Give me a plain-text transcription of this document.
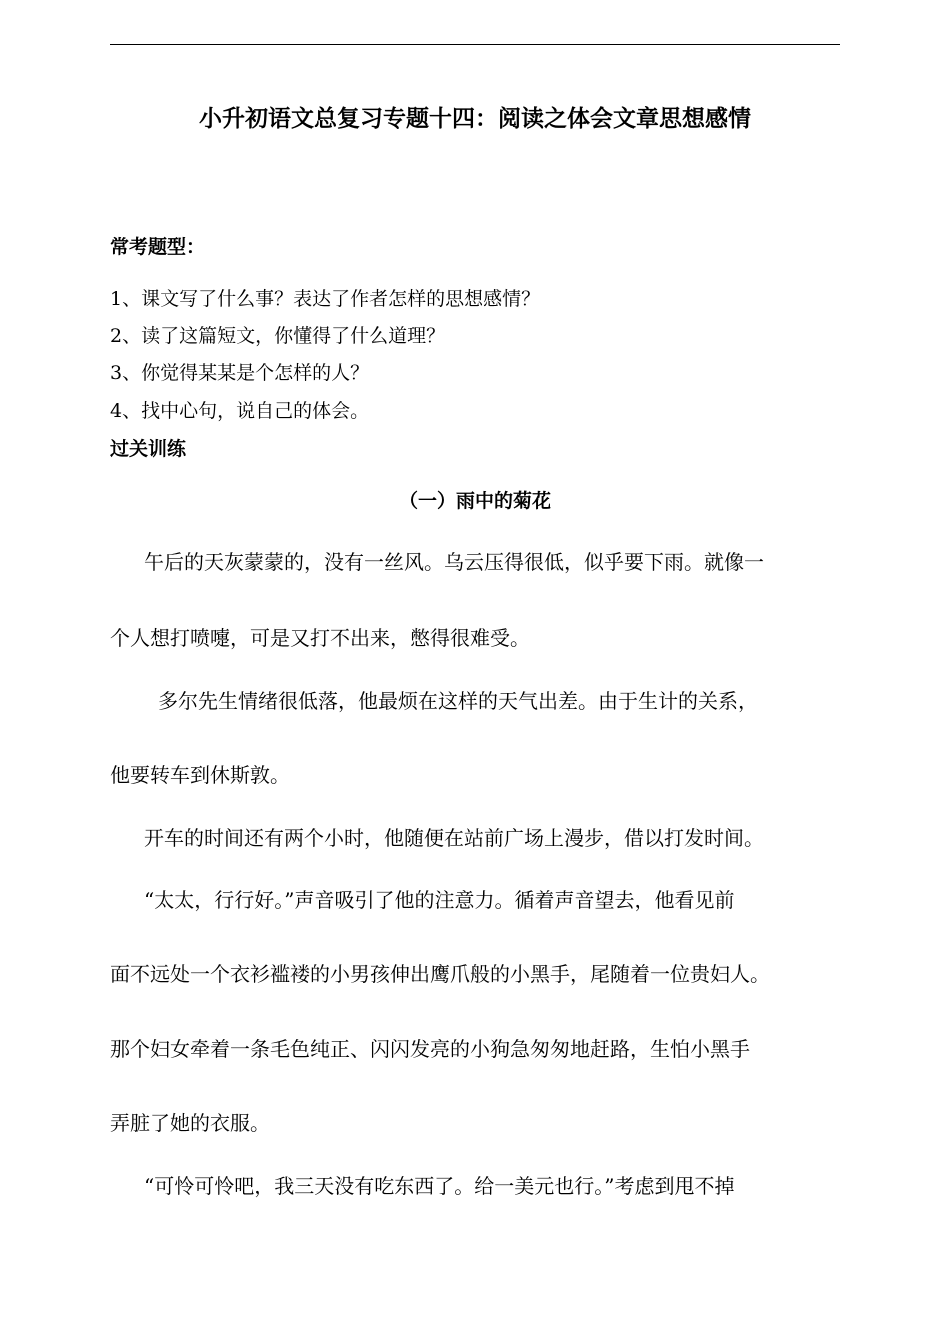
小升初语文总复习专题十四：阅读之体会文章思想感情
常考题型：
1、课文写了什么事？表达了作者怎样的思想感情？
2、读了这篇短文，你懂得了什么道理？
3、你觉得某某是个怎样的人？
4、找中心句，说自己的体会。
过关训练
（一）雨中的菊花
午后的天灰蒙蒙的，没有一丝风。乌云压得很低，似乎要下雨。就像一
个人想打喷嚏，可是又打不出来，憋得很难受。
多尔先生情绪很低落，他最烦在这样的天气出差。由于生计的关系，
他要转车到休斯敦。
开车的时间还有两个小时，他随便在站前广场上漫步，借以打发时间。
“太太，行行好。”声音吸引了他的注意力。循着声音望去，他看见前
面不远处一个衣衫褴褛的小男孩伸出鹰爪般的小黑手，尾随着一位贵妇人。
那个妇女牵着一条毛色纯正、闪闪发亮的小狗急匆匆地赶路，生怕小黑手
弄脏了她的衣服。
“可怜可怜吧，我三天没有吃东西了。给一美元也行。”考虑到甩不掉
